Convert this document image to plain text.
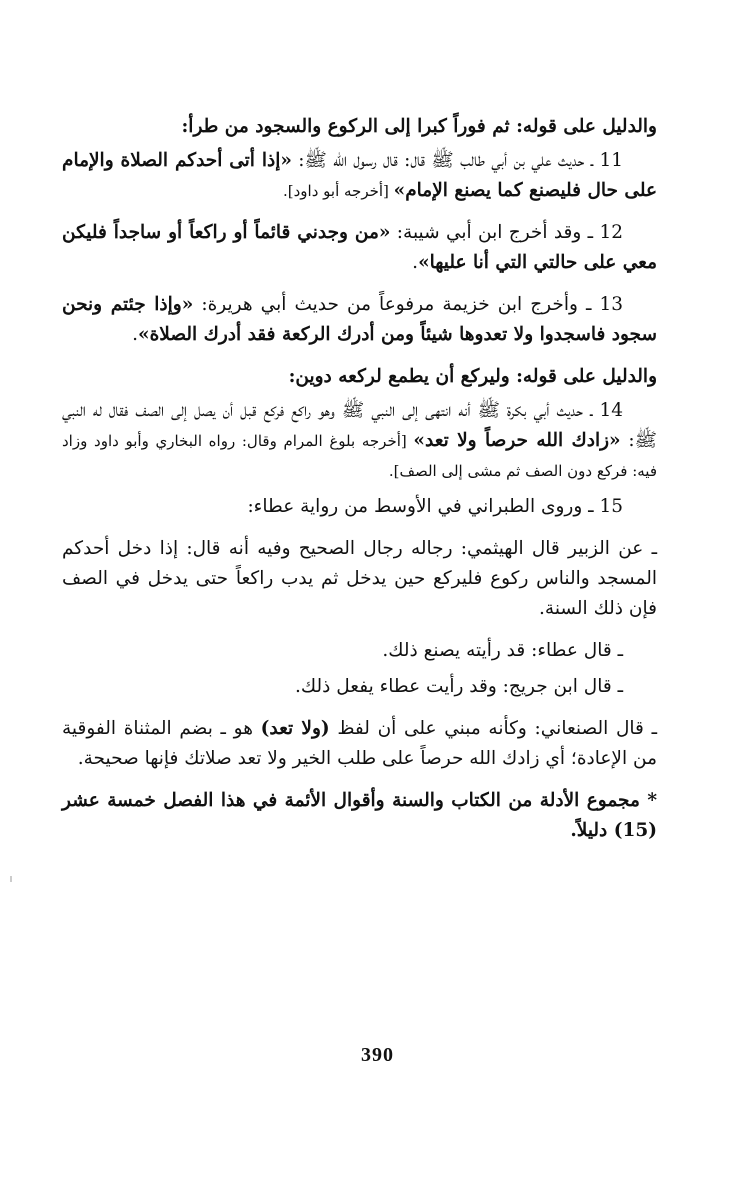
والدليل على قوله: ثم فوراً كبرا إلى الركوع والسجود من طرأ:

11 ـ حديث علي بن أبي طالب ﷺ قال: قال رسول الله ﷺ: «إذا أتى أحدكم الصلاة والإمام على حال فليصنع كما يصنع الإمام» [أخرجه أبو داود].

12 ـ وقد أخرج ابن أبي شيبة: «من وجدني قائماً أو راكعاً أو ساجداً فليكن معي على حالتي التي أنا عليها».

13 ـ وأخرج ابن خزيمة مرفوعاً من حديث أبي هريرة: «وإذا جئتم ونحن سجود فاسجدوا ولا تعدوها شيئاً ومن أدرك الركعة فقد أدرك الصلاة».

والدليل على قوله: وليركع أن يطمع لركعه دوين:

14 ـ حديث أبي بكرة ﷺ أنه انتهى إلى النبي ﷺ وهو راكع فركع قبل أن يصل إلى الصف فقال له النبي ﷺ: «زادك الله حرصاً ولا تعد» [أخرجه بلوغ المرام وقال: رواه البخاري وأبو داود وزاد فيه: فركع دون الصف ثم مشى إلى الصف].

15 ـ وروى الطبراني في الأوسط من رواية عطاء:

ـ عن الزبير قال الهيثمي: رجاله رجال الصحيح وفيه أنه قال: إذا دخل أحدكم المسجد والناس ركوع فليركع حين يدخل ثم يدب راكعاً حتى يدخل في الصف فإن ذلك السنة.

ـ قال عطاء: قد رأيته يصنع ذلك.

ـ قال ابن جريج: وقد رأيت عطاء يفعل ذلك.

ـ قال الصنعاني: وكأنه مبني على أن لفظ (ولا تعد) هو ـ بضم المثناة الفوقية من الإعادة؛ أي زادك الله حرصاً على طلب الخير ولا تعد صلاتك فإنها صحيحة.

* مجموع الأدلة من الكتاب والسنة وأقوال الأئمة في هذا الفصل خمسة عشر (15) دليلاً.

390
